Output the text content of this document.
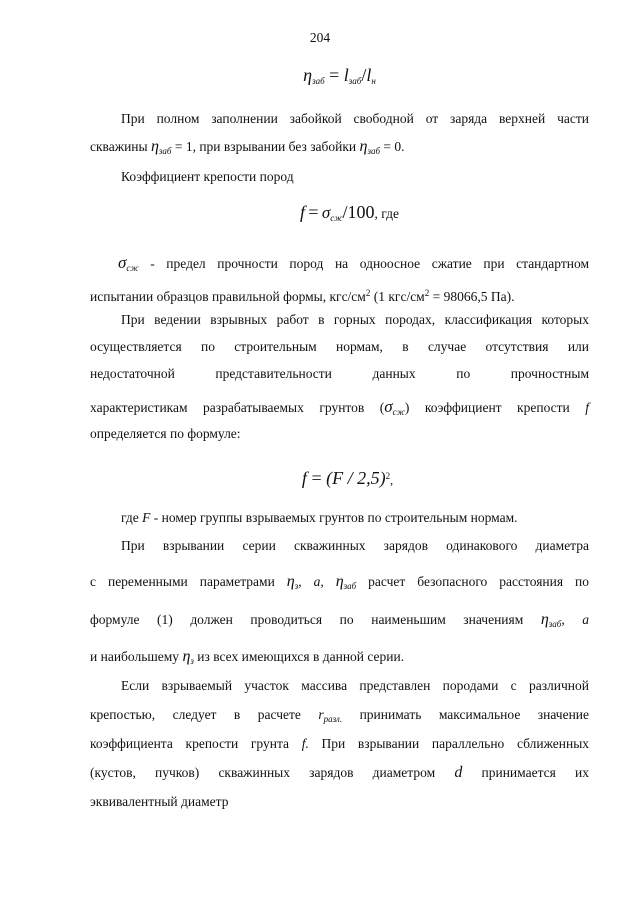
204
$\eta_{заб} = l_{заб}/l_н$
При полном заполнении забойкой свободной от заряда верхней части
скважины $\eta_{заб} = 1$, при взрывании без забойки $\eta_{заб} = 0$.
Коэффициент крепости пород
$f = \sigma_{сж}/100$, где
$\sigma_{сж}$ - предел прочности пород на одноосное сжатие при стандартном
испытании образцов правильной формы, кгс/$см^2$ (1 кгс/$см^2 = 98066,5$ Па).
При ведении взрывных работ в горных породах, классификация которых
осуществляется по строительным нормам, в случае отсутствия или
недостаточной представительности данных по прочностным
характеристикам разрабатываемых грунтов $(\sigma_{сж})$ коэффициент крепости f
определяется по формуле:
f = (F / 2,5)$^2$,
где F - номер группы взрываемых грунтов по строительным нормам.
При взрывании серии скважинных зарядов одинакового диаметра
с переменными параметрами $\eta_з$, а, $\eta_{заб}$ расчет безопасного расстояния по
формуле (1) должен проводиться по наименьшим значениям $\eta_{заб}$, а
и наибольшему $\eta_з$ из всех имеющихся в данной серии.
Если взрываемый участок массива представлен породами с различной
крепостью, следует в расчете $r_{разл.}$ принимать максимальное значение
коэффициента крепости грунта f. При взрывании параллельно сближенных
(кустов, пучков) скважинных зарядов диаметром d принимается их
эквивалентный диаметр
